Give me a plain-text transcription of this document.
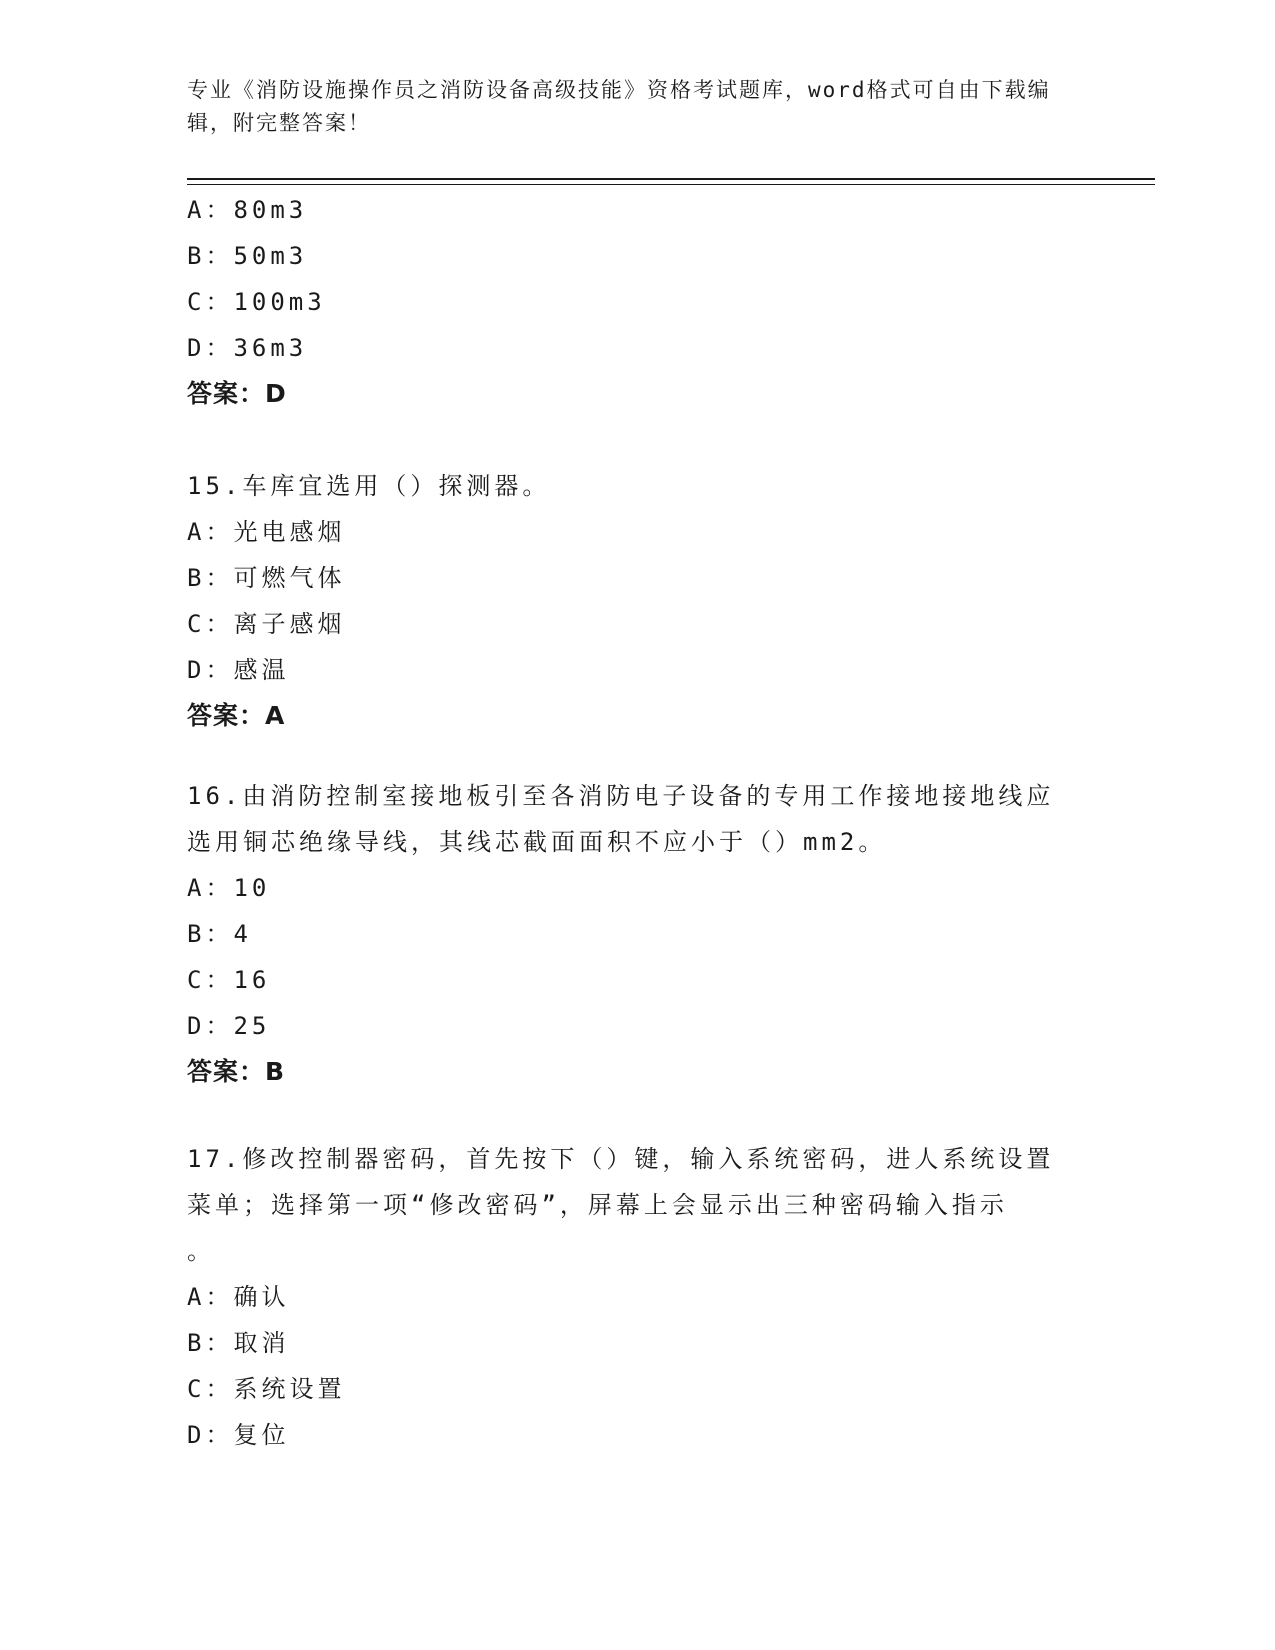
专业《消防设施操作员之消防设备高级技能》资格考试题库，word格式可自由下载编辑，附完整答案！
A：80m3
B：50m3
C：100m3
D：36m3
答案：D
15.车库宜选用（）探测器。
A：光电感烟
B：可燃气体
C：离子感烟
D：感温
答案：A
16.由消防控制室接地板引至各消防电子设备的专用工作接地接地线应选用铜芯绝缘导线，其线芯截面面积不应小于（）mm2。
A：10
B：4
C：16
D：25
答案：B
17.修改控制器密码，首先按下（）键，输入系统密码，进人系统设置菜单；选择第一项“修改密码”，屏幕上会显示出三种密码输入指示
。
A：确认
B：取消
C：系统设置
D：复位
